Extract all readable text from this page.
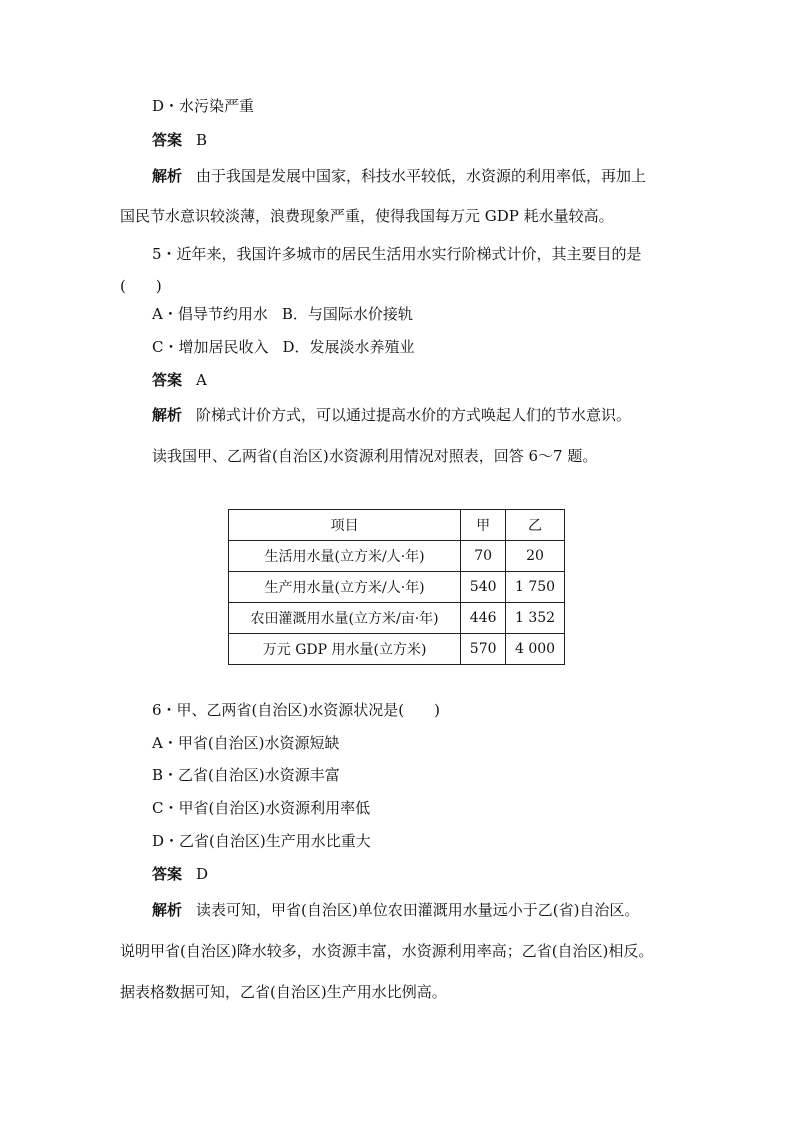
D・水污染严重
答案 B
解析 由于我国是发展中国家，科技水平较低，水资源的利用率低，再加上
国民节水意识较淡薄，浪费现象严重，使得我国每万元 GDP 耗水量较高。
5・近年来，我国许多城市的居民生活用水实行阶梯式计价，其主要目的是
(　　)
A・倡导节约用水 B．与国际水价接轨
C・增加居民收入 D．发展淡水养殖业
答案 A
解析 阶梯式计价方式，可以通过提高水价的方式唤起人们的节水意识。
读我国甲、乙两省(自治区)水资源利用情况对照表，回答 6～7 题。
项目	甲	乙
生活用水量(立方米/人·年)	70	20
生产用水量(立方米/人·年)	540	1 750
农田灌溉用水量(立方米/亩·年)	446	1 352
万元 GDP 用水量(立方米)	570	4 000
6・甲、乙两省(自治区)水资源状况是(　　)
A・甲省(自治区)水资源短缺
B・乙省(自治区)水资源丰富
C・甲省(自治区)水资源利用率低
D・乙省(自治区)生产用水比重大
答案 D
解析 读表可知，甲省(自治区)单位农田灌溉用水量远小于乙(省)自治区。
说明甲省(自治区)降水较多，水资源丰富，水资源利用率高；乙省(自治区)相反。
据表格数据可知，乙省(自治区)生产用水比例高。
